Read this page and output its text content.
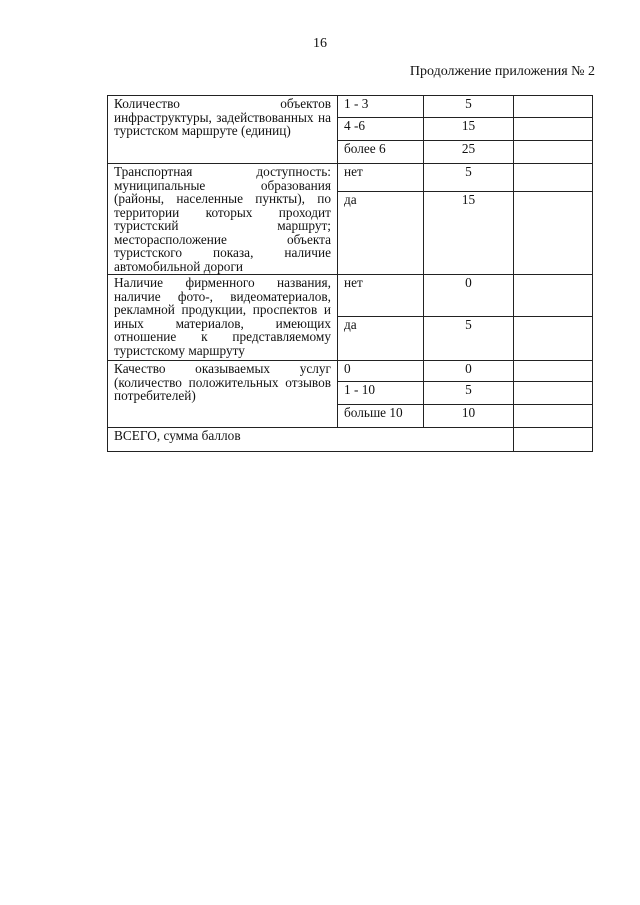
16
Продолжение приложения № 2
Количество объектов инфраструктуры, задействованных на туристском маршруте (единиц)	1 - 3	5	
	4 -6	15	
	более 6	25	
Транспортная доступность: муниципальные образования (районы, населенные пункты), по территории которых проходит туристский маршрут; месторасположение объекта туристского показа, наличие автомобильной дороги	нет	5	
	да	15	
Наличие фирменного названия, наличие фото-, видеоматериалов, рекламной продукции, проспектов и иных материалов, имеющих отношение к представляемому туристскому маршруту	нет	0	
	да	5	
Качество оказываемых услуг (количество положительных отзывов потребителей)	0	0	
	1 - 10	5	
	больше 10	10	
ВСЕГО, сумма баллов			
